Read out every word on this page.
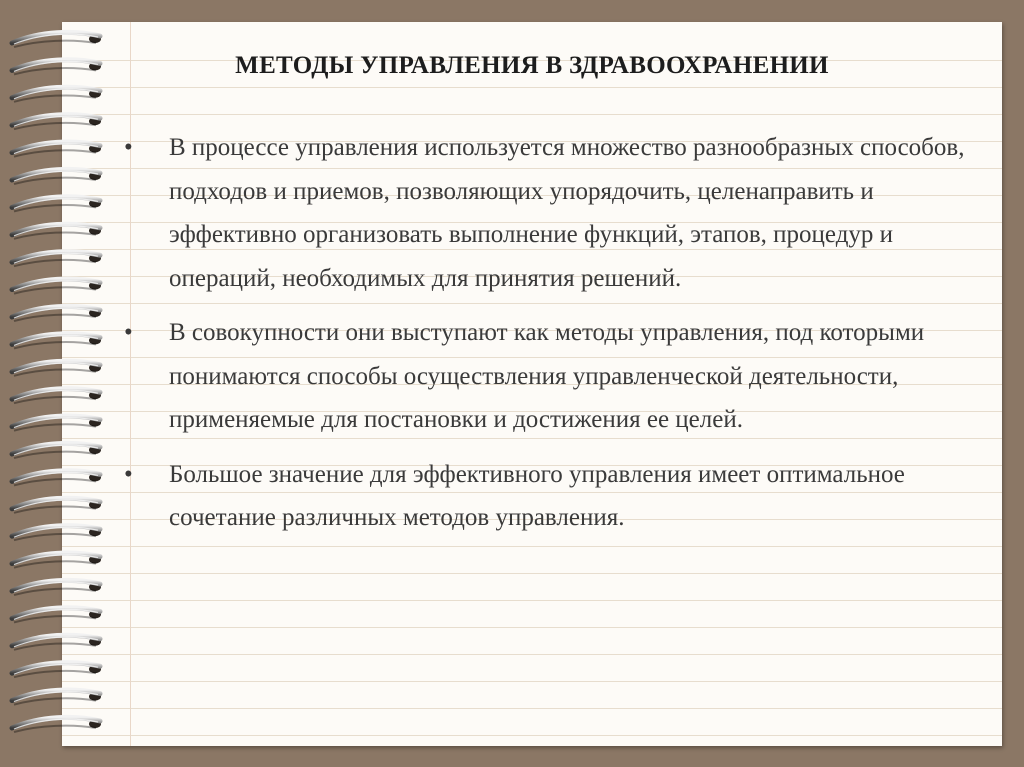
МЕТОДЫ УПРАВЛЕНИЯ В ЗДРАВООХРАНЕНИИ
•	В процессе управления используется множество разнообразных способов, подходов и приемов, позволяющих упорядочить, целенаправить и эффективно организовать выполнение функций, этапов, процедур и операций, необходимых для принятия решений.
•	В совокупности они выступают как методы управления, под которыми понимаются способы осуществления управленческой деятельности, применяемые для постановки и достижения ее целей.
•	Большое значение для эффективного управления имеет оптимальное сочетание различных методов управления.
